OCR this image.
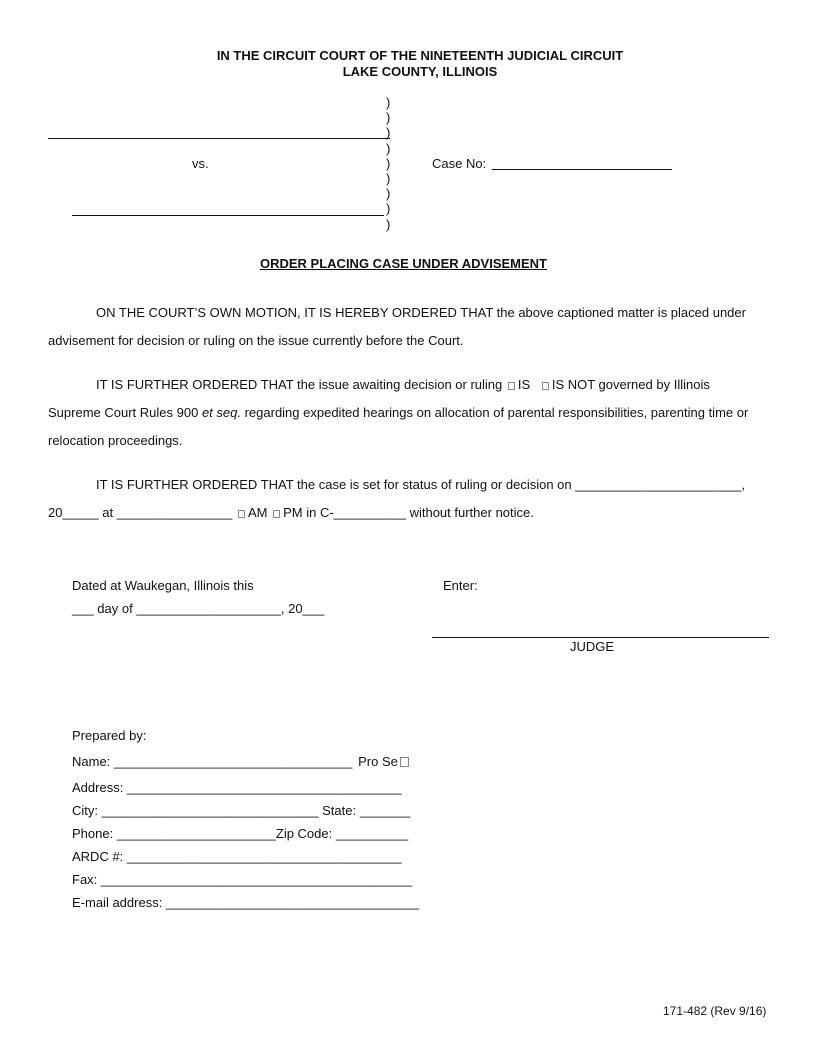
IN THE CIRCUIT COURT OF THE NINETEENTH JUDICIAL CIRCUIT
LAKE COUNTY, ILLINOIS
)
)
)
)
)
)
)
)
)
vs.	Case No:
ORDER PLACING CASE UNDER ADVISEMENT
ON THE COURT’S OWN MOTION, IT IS HEREBY ORDERED THAT the above captioned matter is placed under
advisement for decision or ruling on the issue currently before the Court.
IT IS FURTHER ORDERED THAT the issue awaiting decision or ruling IS IS NOT governed by Illinois
Supreme Court Rules 900 et seq. regarding expedited hearings on allocation of parental responsibilities, parenting time or
relocation proceedings.
IT IS FURTHER ORDERED THAT the case is set for status of ruling or decision on _______________________,
20_____ at ________________ AM PM in C-__________ without further notice.
Dated at Waukegan, Illinois this
___ day of ____________________, 20___
Enter:
JUDGE
Prepared by:
Name: _________________________________ Pro Se
Address: ______________________________________
City: ______________________________ State: _______
Phone: ______________________Zip Code: __________
ARDC #: ______________________________________
Fax: ___________________________________________
E-mail address: ___________________________________
171-482 (Rev 9/16)
